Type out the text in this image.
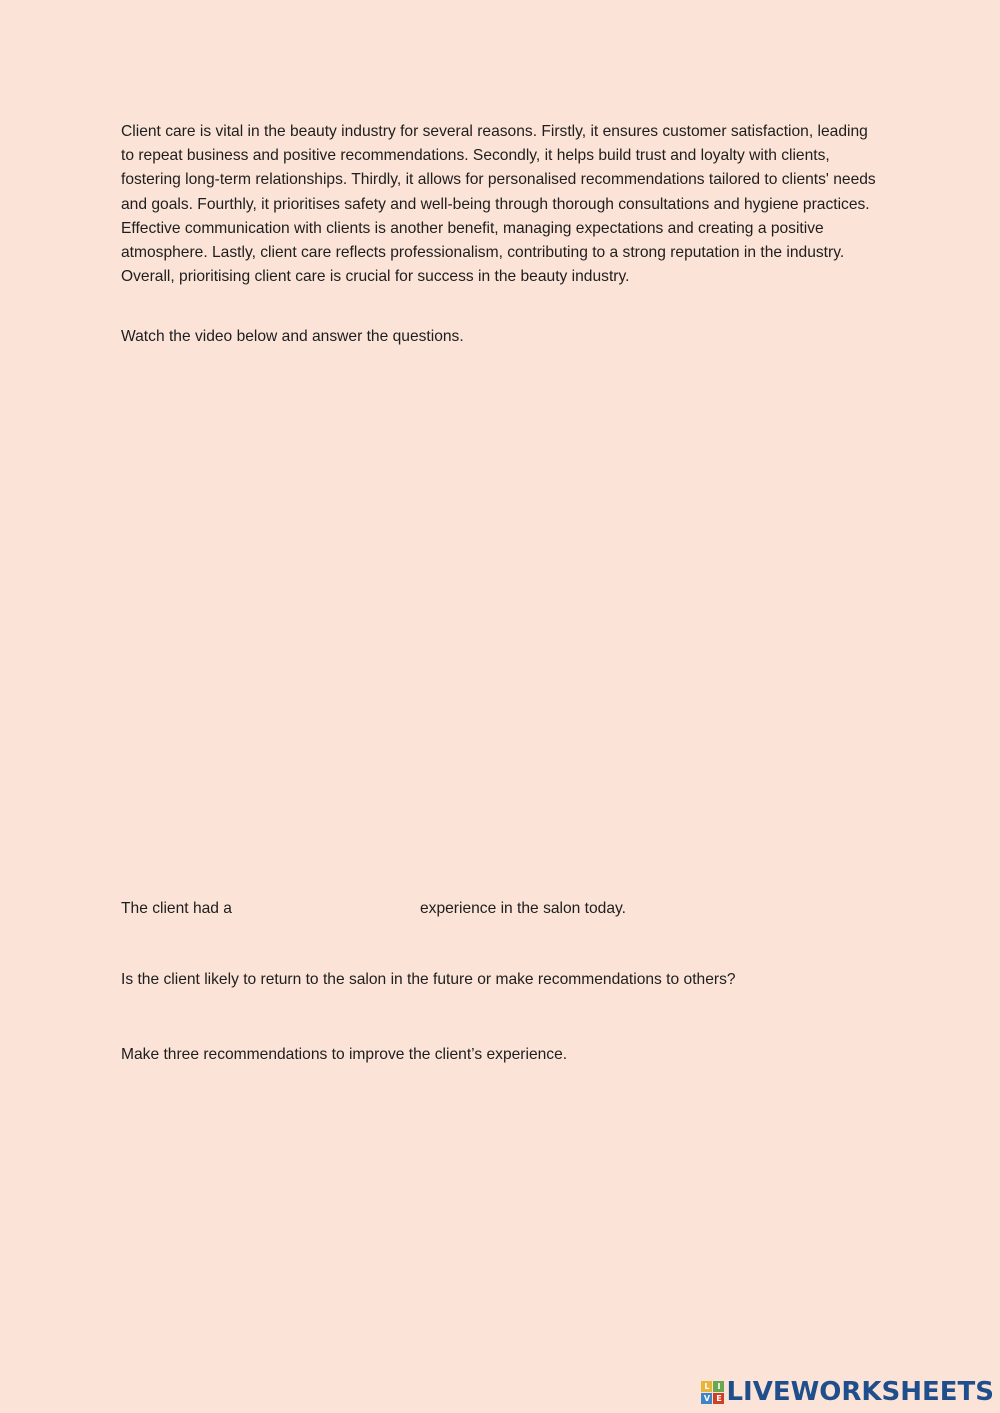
Client care is vital in the beauty industry for several reasons. Firstly, it ensures customer satisfaction, leading to repeat business and positive recommendations. Secondly, it helps build trust and loyalty with clients, fostering long-term relationships. Thirdly, it allows for personalised recommendations tailored to clients' needs and goals. Fourthly, it prioritises safety and well-being through thorough consultations and hygiene practices. Effective communication with clients is another benefit, managing expectations and creating a positive atmosphere. Lastly, client care reflects professionalism, contributing to a strong reputation in the industry. Overall, prioritising client care is crucial for success in the beauty industry.

Watch the video below and answer the questions.

The client had a	experience in the salon today.

Is the client likely to return to the salon in the future or make recommendations to others?

Make three recommendations to improve the client’s experience.

L I
V E LIVEWORKSHEETS
